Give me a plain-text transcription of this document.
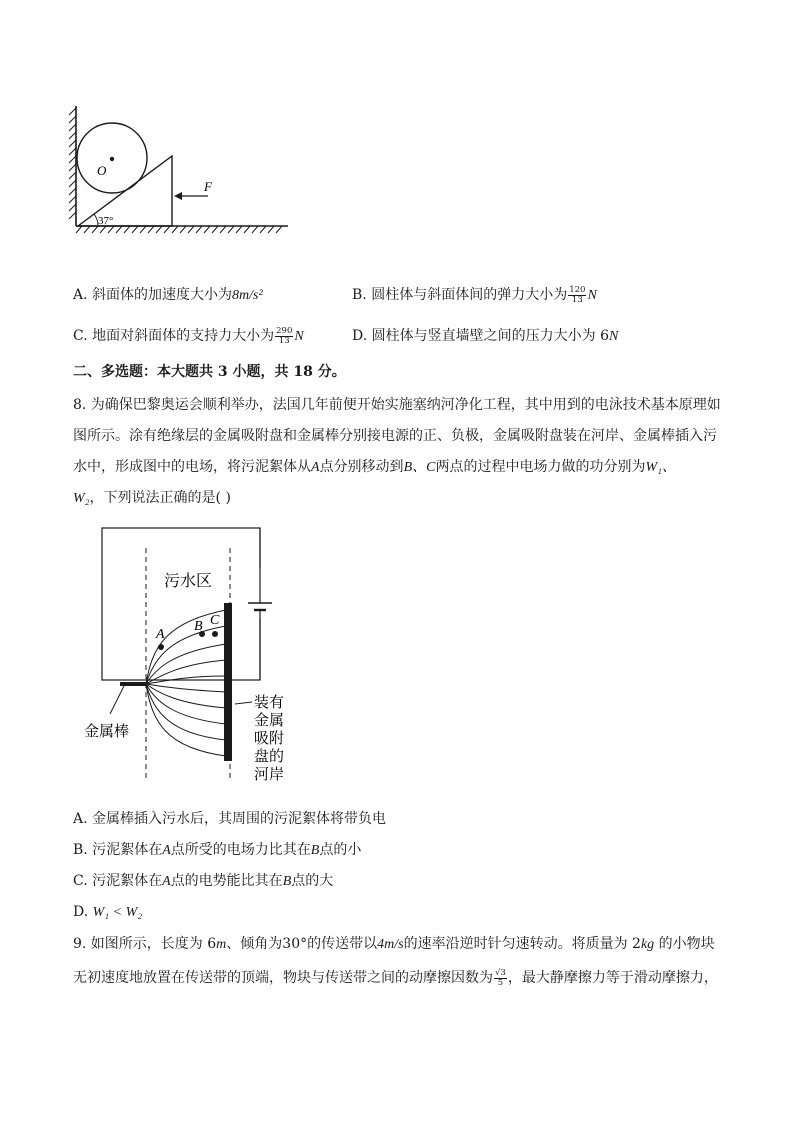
O
37°
F
A. 斜面体的加速度大小为8m/s²	B. 圆柱体与斜面体间的弹力大小为 $\frac{120}{13}$ N
C. 地面对斜面体的支持力大小为 $\frac{290}{13}$ N	D. 圆柱体与竖直墙壁之间的压力大小为 6N
二、多选题：本大题共 3 小题，共 18 分。
8. 为确保巴黎奥运会顺利举办，法国几年前便开始实施塞纳河净化工程，其中用到的电泳技术基本原理如
图所示。涂有绝缘层的金属吸附盘和金属棒分别接电源的正、负极，金属吸附盘装在河岸、金属棒插入污
水中，形成图中的电场，将污泥絮体从A点分别移动到B、C两点的过程中电场力做的功分别为W₁、
W₂，下列说法正确的是( )
A
B C
污水区
金属棒
装有
金属
吸附
盘的
河岸
A. 金属棒插入污水后，其周围的污泥絮体将带负电
B. 污泥絮体在A点所受的电场力比其在B点的小
C. 污泥絮体在A点的电势能比其在B点的大
D. W₁ < W₂
9. 如图所示，长度为 6m、倾角为30°的传送带以4m/s的速率沿逆时针匀速转动。将质量为 2kg 的小物块
无初速度地放置在传送带的顶端，物块与传送带之间的动摩擦因数为 $\frac{√3}{5}$ ，最大静摩擦力等于滑动摩擦力，
